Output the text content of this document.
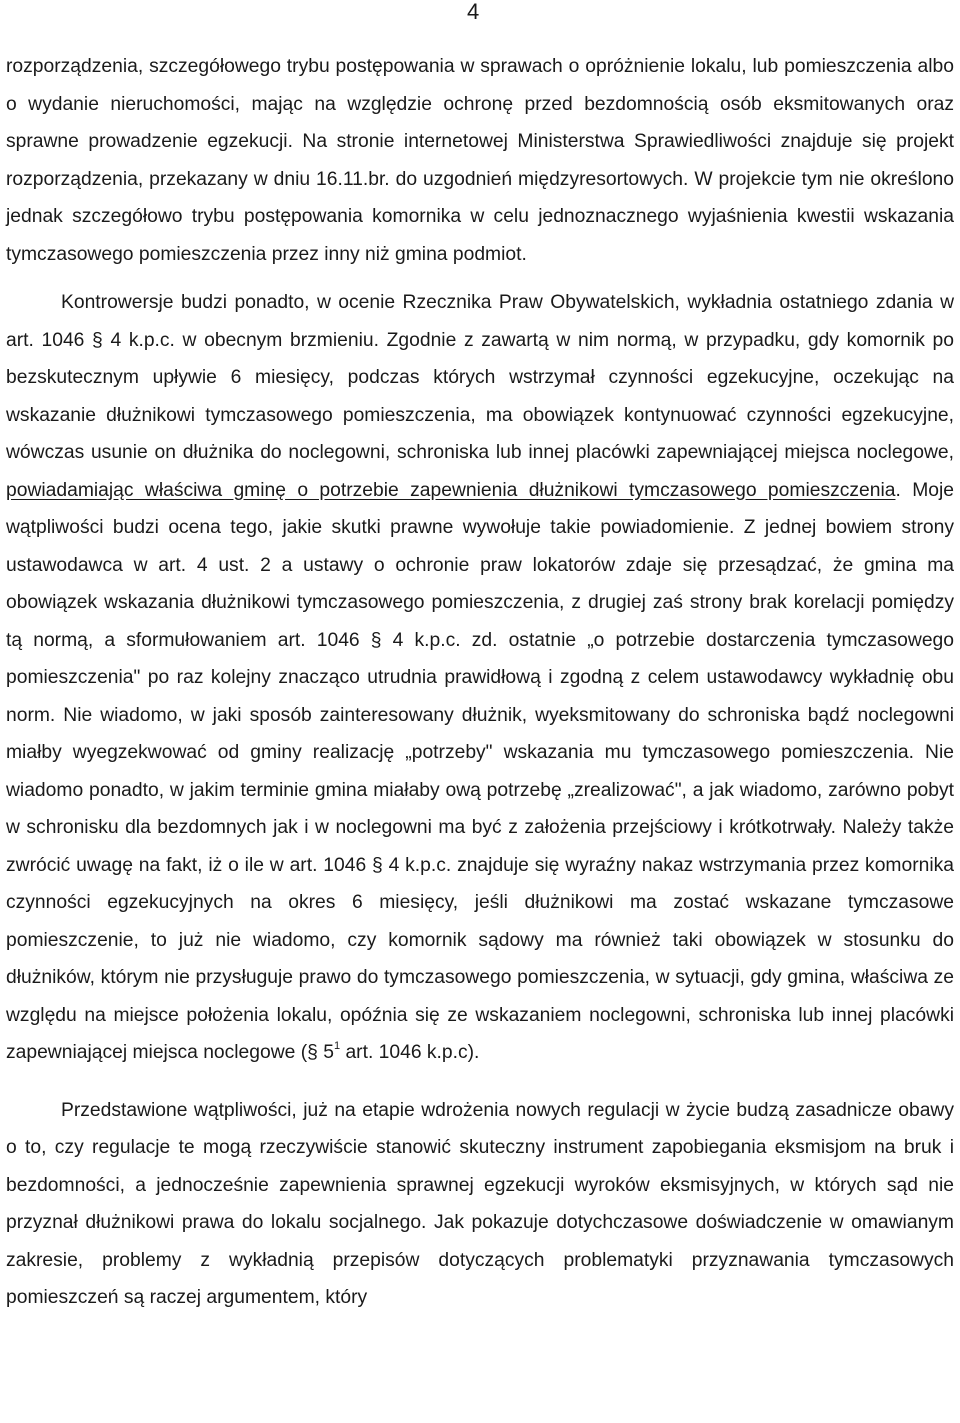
4

rozporządzenia, szczegółowego trybu postępowania w sprawach o opróżnienie lokalu, lub pomieszczenia albo o wydanie nieruchomości, mając na względzie ochronę przed bezdomnością osób eksmitowanych oraz sprawne prowadzenie egzekucji. Na stronie internetowej Ministerstwa Sprawiedliwości znajduje się projekt rozporządzenia, przekazany w dniu 16.11.br. do uzgodnień międzyresortowych. W projekcie tym nie określono jednak szczegółowo trybu postępowania komornika w celu jednoznacznego wyjaśnienia kwestii wskazania tymczasowego pomieszczenia przez inny niż gmina podmiot.

Kontrowersje budzi ponadto, w ocenie Rzecznika Praw Obywatelskich, wykładnia ostatniego zdania w art. 1046 § 4 k.p.c. w obecnym brzmieniu. Zgodnie z zawartą w nim normą, w przypadku, gdy komornik po bezskutecznym upływie 6 miesięcy, podczas których wstrzymał czynności egzekucyjne, oczekując na wskazanie dłużnikowi tymczasowego pomieszczenia, ma obowiązek kontynuować czynności egzekucyjne, wówczas usunie on dłużnika do noclegowni, schroniska lub innej placówki zapewniającej miejsca noclegowe, powiadamiając właściwa gminę o potrzebie zapewnienia dłużnikowi tymczasowego pomieszczenia. Moje wątpliwości budzi ocena tego, jakie skutki prawne wywołuje takie powiadomienie. Z jednej bowiem strony ustawodawca w art. 4 ust. 2 a ustawy o ochronie praw lokatorów zdaje się przesądzać, że gmina ma obowiązek wskazania dłużnikowi tymczasowego pomieszczenia, z drugiej zaś strony brak korelacji pomiędzy tą normą, a sformułowaniem art. 1046 § 4 k.p.c. zd. ostatnie „o potrzebie dostarczenia tymczasowego pomieszczenia" po raz kolejny znacząco utrudnia prawidłową i zgodną z celem ustawodawcy wykładnię obu norm. Nie wiadomo, w jaki sposób zainteresowany dłużnik, wyeksmitowany do schroniska bądź noclegowni miałby wyegzekwować od gminy realizację „potrzeby" wskazania mu tymczasowego pomieszczenia. Nie wiadomo ponadto, w jakim terminie gmina miałaby ową potrzebę „zrealizować", a jak wiadomo, zarówno pobyt w schronisku dla bezdomnych jak i w noclegowni ma być z założenia przejściowy i krótkotrwały. Należy także zwrócić uwagę na fakt, iż o ile w art. 1046 § 4 k.p.c. znajduje się wyraźny nakaz wstrzymania przez komornika czynności egzekucyjnych na okres 6 miesięcy, jeśli dłużnikowi ma zostać wskazane tymczasowe pomieszczenie, to już nie wiadomo, czy komornik sądowy ma również taki obowiązek w stosunku do dłużników, którym nie przysługuje prawo do tymczasowego pomieszczenia, w sytuacji, gdy gmina, właściwa ze względu na miejsce położenia lokalu, opóźnia się ze wskazaniem noclegowni, schroniska lub innej placówki zapewniającej miejsca noclegowe (§ $5^1$ art. 1046 k.p.c).

Przedstawione wątpliwości, już na etapie wdrożenia nowych regulacji w życie budzą zasadnicze obawy o to, czy regulacje te mogą rzeczywiście stanowić skuteczny instrument zapobiegania eksmisjom na bruk i bezdomności, a jednocześnie zapewnienia sprawnej egzekucji wyroków eksmisyjnych, w których sąd nie przyznał dłużnikowi prawa do lokalu socjalnego. Jak pokazuje dotychczasowe doświadczenie w omawianym zakresie, problemy z wykładnią przepisów dotyczących problematyki przyznawania tymczasowych pomieszczeń są raczej argumentem, który
